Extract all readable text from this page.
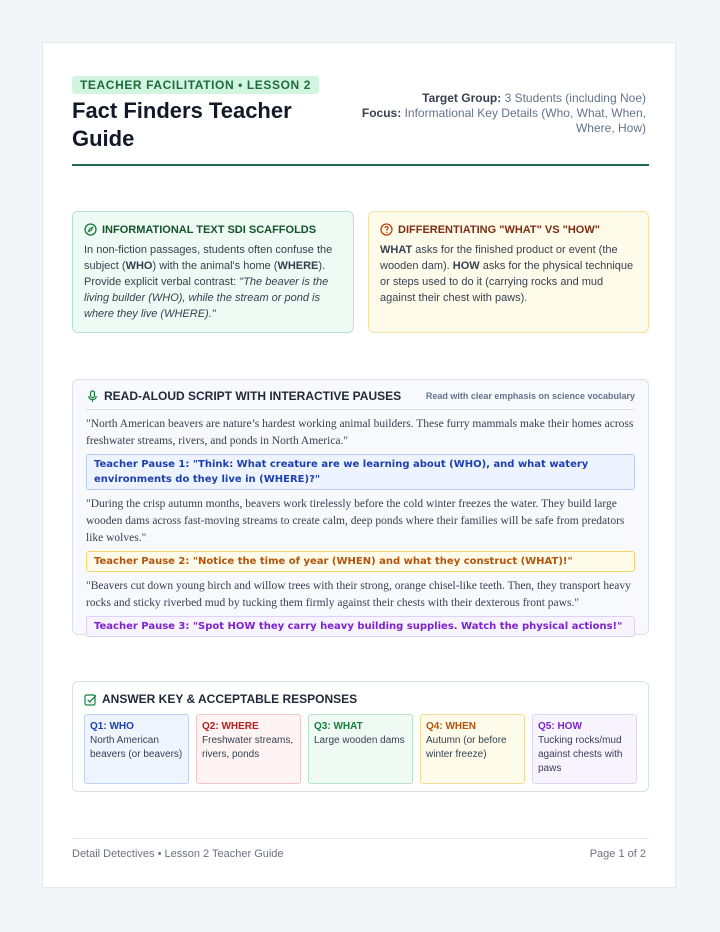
TEACHER FACILITATION • LESSON 2
Fact Finders Teacher Guide
Target Group: 3 Students (including Noe)
Focus: Informational Key Details (Who, What, When, Where, How)
INFORMATIONAL TEXT SDI SCAFFOLDS

In non-fiction passages, students often confuse the subject (WHO) with the animal's home (WHERE). Provide explicit verbal contrast: "The beaver is the living builder (WHO), while the stream or pond is where they live (WHERE)."

DIFFERENTIATING "WHAT" VS "HOW"

WHAT asks for the finished product or event (the wooden dam). HOW asks for the physical technique or steps used to do it (carrying rocks and mud against their chest with paws).

READ-ALOUD SCRIPT WITH INTERACTIVE PAUSES	Read with clear emphasis on science vocabulary

"North American beavers are nature’s hardest working animal builders. These furry mammals make their homes across freshwater streams, rivers, and ponds in North America."

Teacher Pause 1: "Think: What creature are we learning about (WHO), and what watery environments do they live in (WHERE)?"

"During the crisp autumn months, beavers work tirelessly before the cold winter freezes the water. They build large wooden dams across fast-moving streams to create calm, deep ponds where their families will be safe from predators like wolves."

Teacher Pause 2: "Notice the time of year (WHEN) and what they construct (WHAT)!"

"Beavers cut down young birch and willow trees with their strong, orange chisel-like teeth. Then, they transport heavy rocks and sticky riverbed mud by tucking them firmly against their chests with their dexterous front paws."

Teacher Pause 3: "Spot HOW they carry heavy building supplies. Watch the physical actions!"
ANSWER KEY & ACCEPTABLE RESPONSES
Q1: WHO
North American beavers (or beavers)
Q2: WHERE
Freshwater streams, rivers, ponds
Q3: WHAT
Large wooden dams
Q4: WHEN
Autumn (or before winter freeze)
Q5: HOW
Tucking rocks/mud against chests with paws
Detail Detectives • Lesson 2 Teacher Guide	Page 1 of 2
